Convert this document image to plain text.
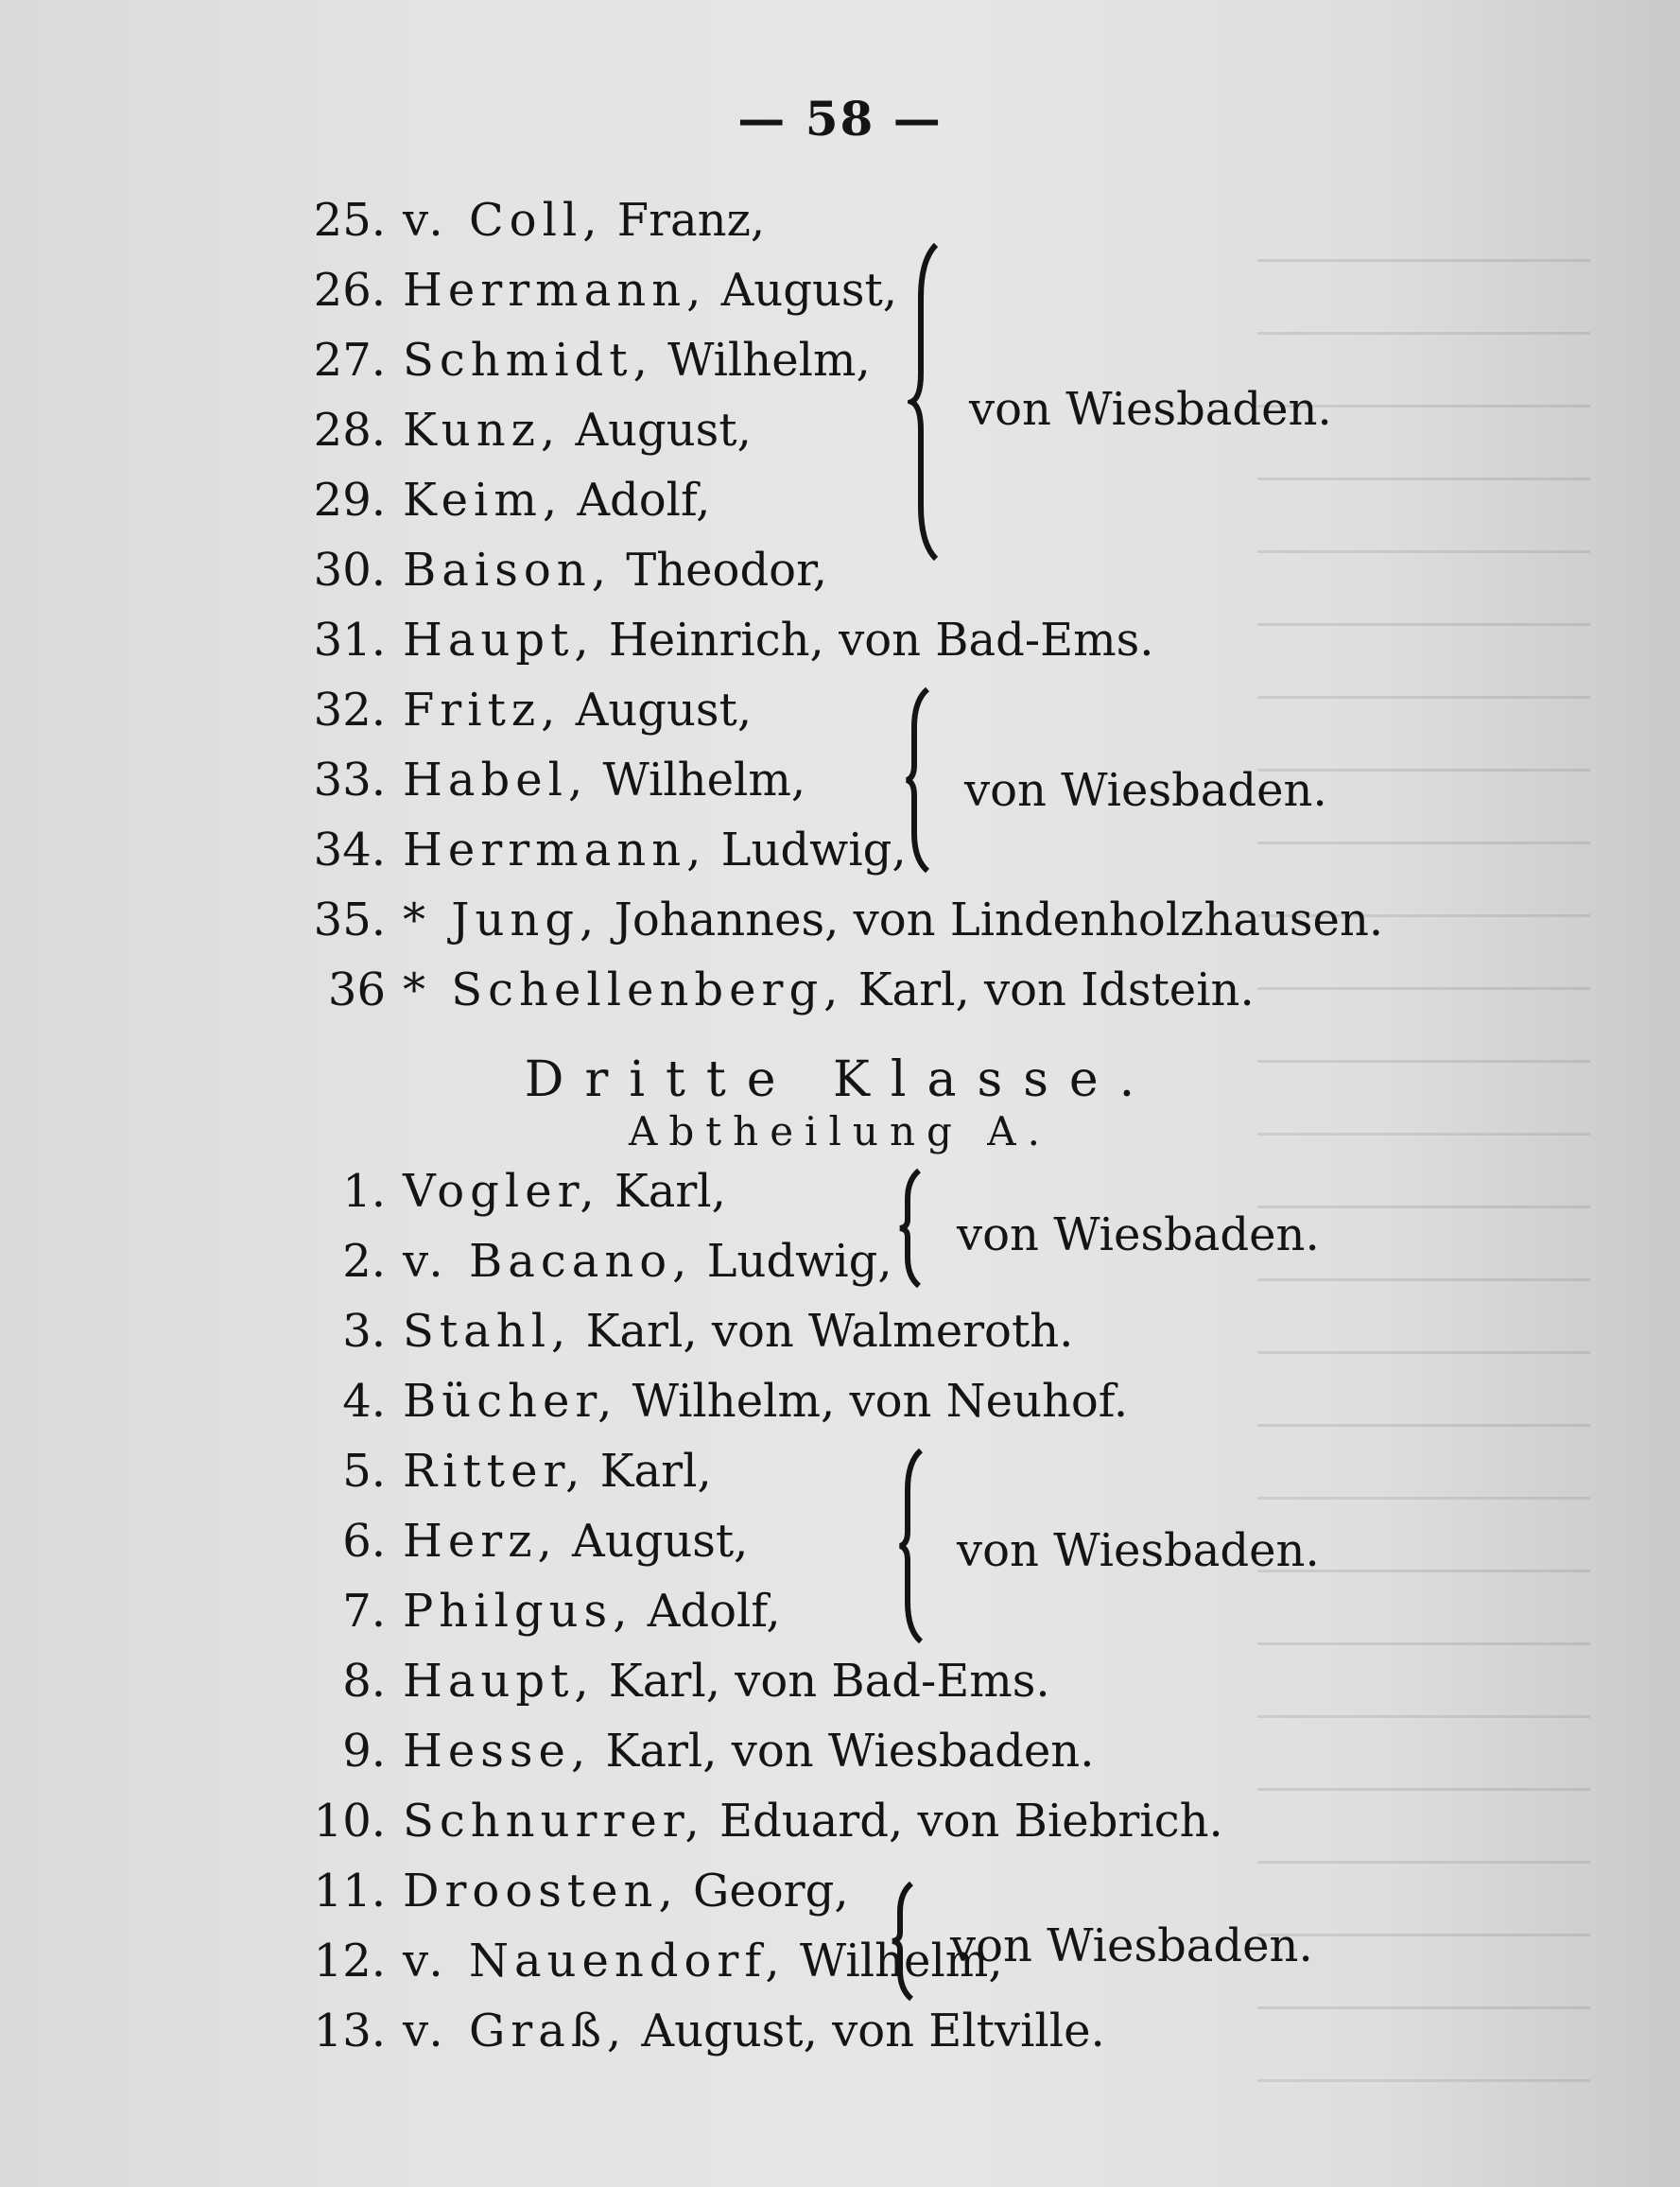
— 58 —
25. v. Coll, Franz,
26. Herrmann, August,
27. Schmidt, Wilhelm,
28. Kunz, August,
29. Keim, Adolf,
30. Baison, Theodor,
31. Haupt, Heinrich, von Bad-Ems.
32. Fritz, August,
33. Habel, Wilhelm,
34. Herrmann, Ludwig,
35. * Jung, Johannes, von Lindenholzhausen.
36 * Schellenberg, Karl, von Idstein.
von Wiesbaden.
von Wiesbaden.
Dritte Klasse.
Abtheilung A.
1. Vogler, Karl,
2. v. Bacano, Ludwig,
3. Stahl, Karl, von Walmeroth.
4. Bücher, Wilhelm, von Neuhof.
5. Ritter, Karl,
6. Herz, August,
7. Philgus, Adolf,
8. Haupt, Karl, von Bad-Ems.
9. Hesse, Karl, von Wiesbaden.
10. Schnurrer, Eduard, von Biebrich.
11. Droosten, Georg,
12. v. Nauendorf, Wilhelm,
13. v. Graß, August, von Eltville.
von Wiesbaden.
von Wiesbaden.
von Wiesbaden.
